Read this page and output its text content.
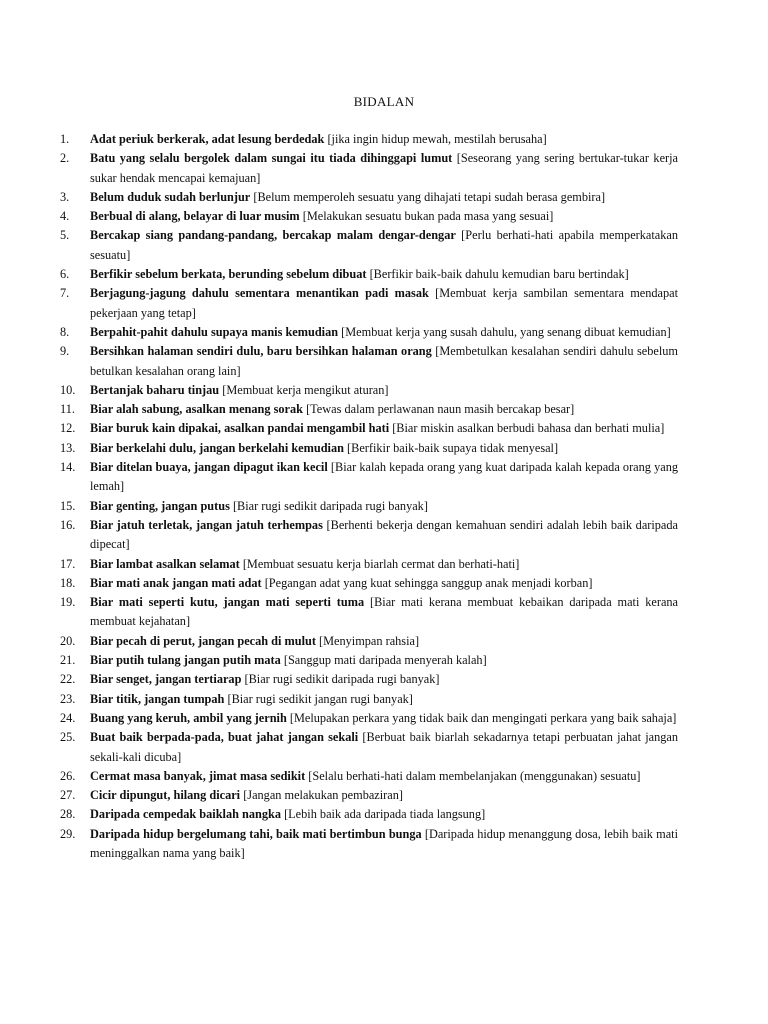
BIDALAN
1. Adat periuk berkerak, adat lesung berdedak [jika ingin hidup mewah, mestilah berusaha]
2. Batu yang selalu bergolek dalam sungai itu tiada dihinggapi lumut [Seseorang yang sering bertukar-tukar kerja sukar hendak mencapai kemajuan]
3. Belum duduk sudah berlunjur [Belum memperoleh sesuatu yang dihajati tetapi sudah berasa gembira]
4. Berbual di alang, belayar di luar musim [Melakukan sesuatu bukan pada masa yang sesuai]
5. Bercakap siang pandang-pandang, bercakap malam dengar-dengar [Perlu berhati-hati apabila memperkatakan sesuatu]
6. Berfikir sebelum berkata, berunding sebelum dibuat [Berfikir baik-baik dahulu kemudian baru bertindak]
7. Berjagung-jagung dahulu sementara menantikan padi masak [Membuat kerja sambilan sementara mendapat pekerjaan yang tetap]
8. Berpahit-pahit dahulu supaya manis kemudian [Membuat kerja yang susah dahulu, yang senang dibuat kemudian]
9. Bersihkan halaman sendiri dulu, baru bersihkan halaman orang [Membetulkan kesalahan sendiri dahulu sebelum betulkan kesalahan orang lain]
10. Bertanjak baharu tinjau [Membuat kerja mengikut aturan]
11. Biar alah sabung, asalkan menang sorak [Tewas dalam perlawanan naun masih bercakap besar]
12. Biar buruk kain dipakai, asalkan pandai mengambil hati [Biar miskin asalkan berbudi bahasa dan berhati mulia]
13. Biar berkelahi dulu, jangan berkelahi kemudian [Berfikir baik-baik supaya tidak menyesal]
14. Biar ditelan buaya, jangan dipagut ikan kecil [Biar kalah kepada orang yang kuat daripada kalah kepada orang yang lemah]
15. Biar genting, jangan putus [Biar rugi sedikit daripada rugi banyak]
16. Biar jatuh terletak, jangan jatuh terhempas [Berhenti bekerja dengan kemahuan sendiri adalah lebih baik daripada dipecat]
17. Biar lambat asalkan selamat [Membuat sesuatu kerja biarlah cermat dan berhati-hati]
18. Biar mati anak jangan mati adat [Pegangan adat yang kuat sehingga sanggup anak menjadi korban]
19. Biar mati seperti kutu, jangan mati seperti tuma [Biar mati kerana membuat kebaikan daripada mati kerana membuat kejahatan]
20. Biar pecah di perut, jangan pecah di mulut [Menyimpan rahsia]
21. Biar putih tulang jangan putih mata [Sanggup mati daripada menyerah kalah]
22. Biar senget, jangan tertiarap [Biar rugi sedikit daripada rugi banyak]
23. Biar titik, jangan tumpah [Biar rugi sedikit jangan rugi banyak]
24. Buang yang keruh, ambil yang jernih [Melupakan perkara yang tidak baik dan mengingati perkara yang baik sahaja]
25. Buat baik berpada-pada, buat jahat jangan sekali [Berbuat baik biarlah sekadarnya tetapi perbuatan jahat jangan sekali-kali dicuba]
26. Cermat masa banyak, jimat masa sedikit [Selalu berhati-hati dalam membelanjakan (menggunakan) sesuatu]
27. Cicir dipungut, hilang dicari [Jangan melakukan pembaziran]
28. Daripada cempedak baiklah nangka [Lebih baik ada daripada tiada langsung]
29. Daripada hidup bergelumang tahi, baik mati bertimbun bunga [Daripada hidup menanggung dosa, lebih baik mati meninggalkan nama yang baik]
